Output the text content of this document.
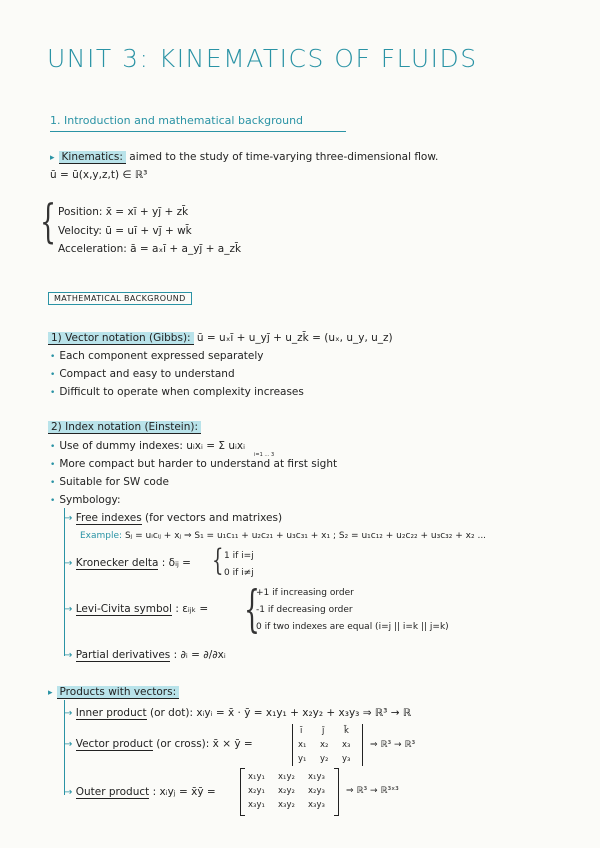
UNIT 3: KINEMATICS OF FLUIDS
1. Introduction and mathematical background
▸ Kinematics: aimed to the study of time-varying three-dimensional flow.
ū = ū(x,y,z,t) ∈ ℝ³
{ Position: x̄ = xī + yj̄ + zk̄
Velocity: ū = uī + vj̄ + wk̄
Acceleration: ā = aₓī + a_yj̄ + a_zk̄
MATHEMATICAL BACKGROUND
1) Vector notation (Gibbs): ū = uₓī + u_yj̄ + u_zk̄ = (uₓ, u_y, u_z)
• Each component expressed separately
• Compact and easy to understand
• Difficult to operate when complexity increases
2) Index notation (Einstein):
• Use of dummy indexes: uᵢxᵢ = Σ uᵢxᵢ
i=1 … 3
• More compact but harder to understand at first sight
• Suitable for SW code
• Symbology:
→ Free indexes (for vectors and matrixes)
Example: Sⱼ = uᵢcᵢⱼ + xⱼ ⇒ S₁ = u₁c₁₁ + u₂c₂₁ + u₃c₃₁ + x₁ ; S₂ = u₁c₁₂ + u₂c₂₂ + u₃c₃₂ + x₂ ...
→ Kronecker delta : δᵢⱼ = { 1 if i=j
0 if i≠j
→ Levi-Civita symbol : εᵢⱼₖ = {
+1 if increasing order
-1 if decreasing order
0 if two indexes are equal (i=j || i=k || j=k)
→ Partial derivatives : ∂ᵢ = ∂/∂xᵢ
▸ Products with vectors:
→ Inner product (or dot): xᵢyᵢ = x̄ · ȳ = x₁y₁ + x₂y₂ + x₃y₃ ⇒ ℝ³ → ℝ
→ Vector product (or cross): x̄ × ȳ =
ī j̄ k̄
x₁ x₂ x₃
y₁ y₂ y₃
⇒ ℝ³ → ℝ³
→ Outer product : xᵢyⱼ = x̄ȳ =
x₁y₁ x₁y₂ x₁y₃
x₂y₁ x₂y₂ x₂y₃
x₃y₁ x₃y₂ x₃y₃
⇒ ℝ³ → ℝ³ˣ³
